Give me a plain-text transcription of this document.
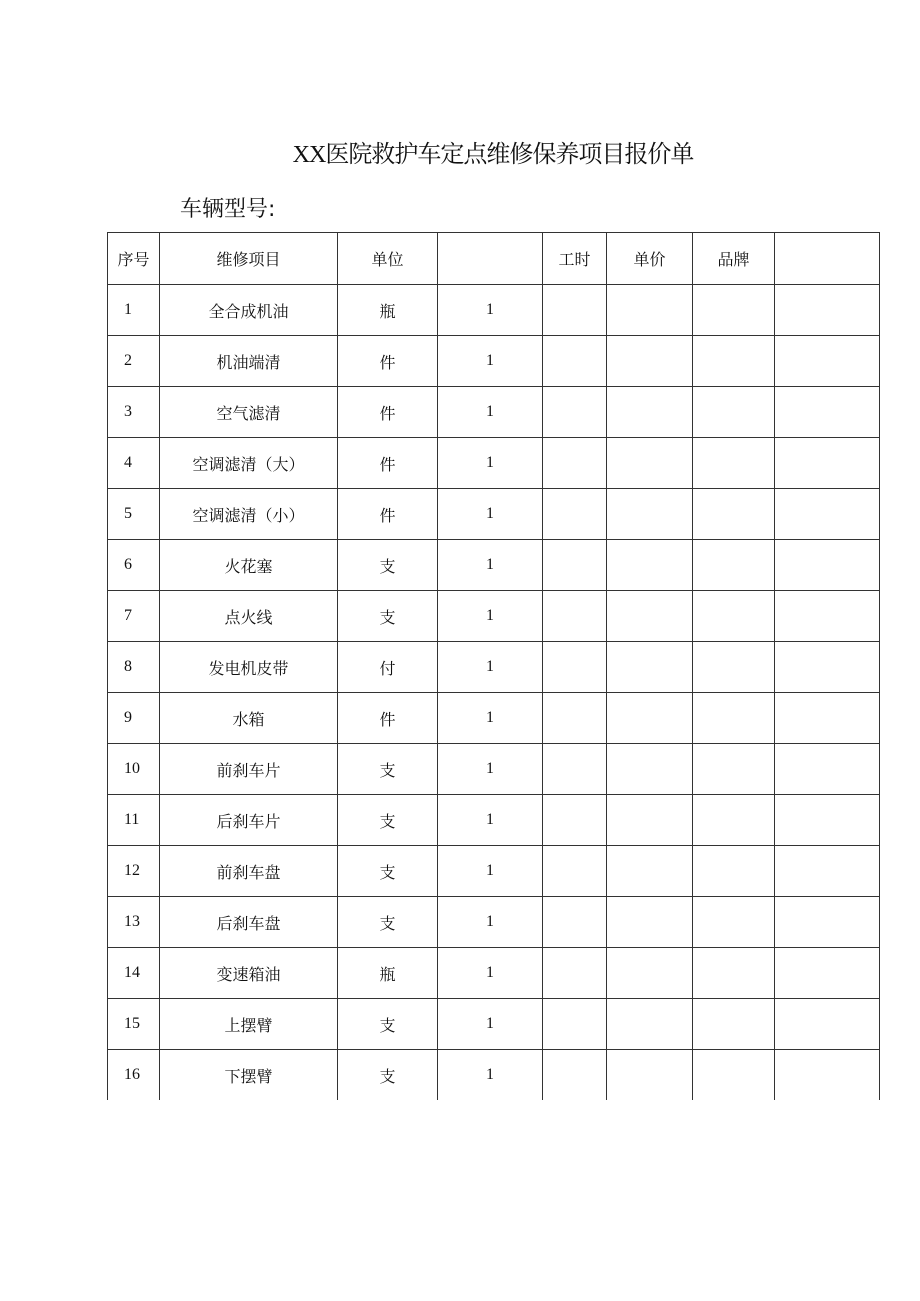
XX医院救护车定点维修保养项目报价单
车辆型号:
序号	维修项目	单位		工时	单价	品牌	
1	全合成机油	瓶	1				
2	机油端清	件	1				
3	空气滤清	件	1				
4	空调滤清（大）	件	1				
5	空调滤清（小）	件	1				
6	火花塞	支	1				
7	点火线	支	1				
8	发电机皮带	付	1				
9	水箱	件	1				
10	前刹车片	支	1				
11	后刹车片	支	1				
12	前刹车盘	支	1				
13	后刹车盘	支	1				
14	变速箱油	瓶	1				
15	上摆臂	支	1				
16	下摆臂	支	1				
